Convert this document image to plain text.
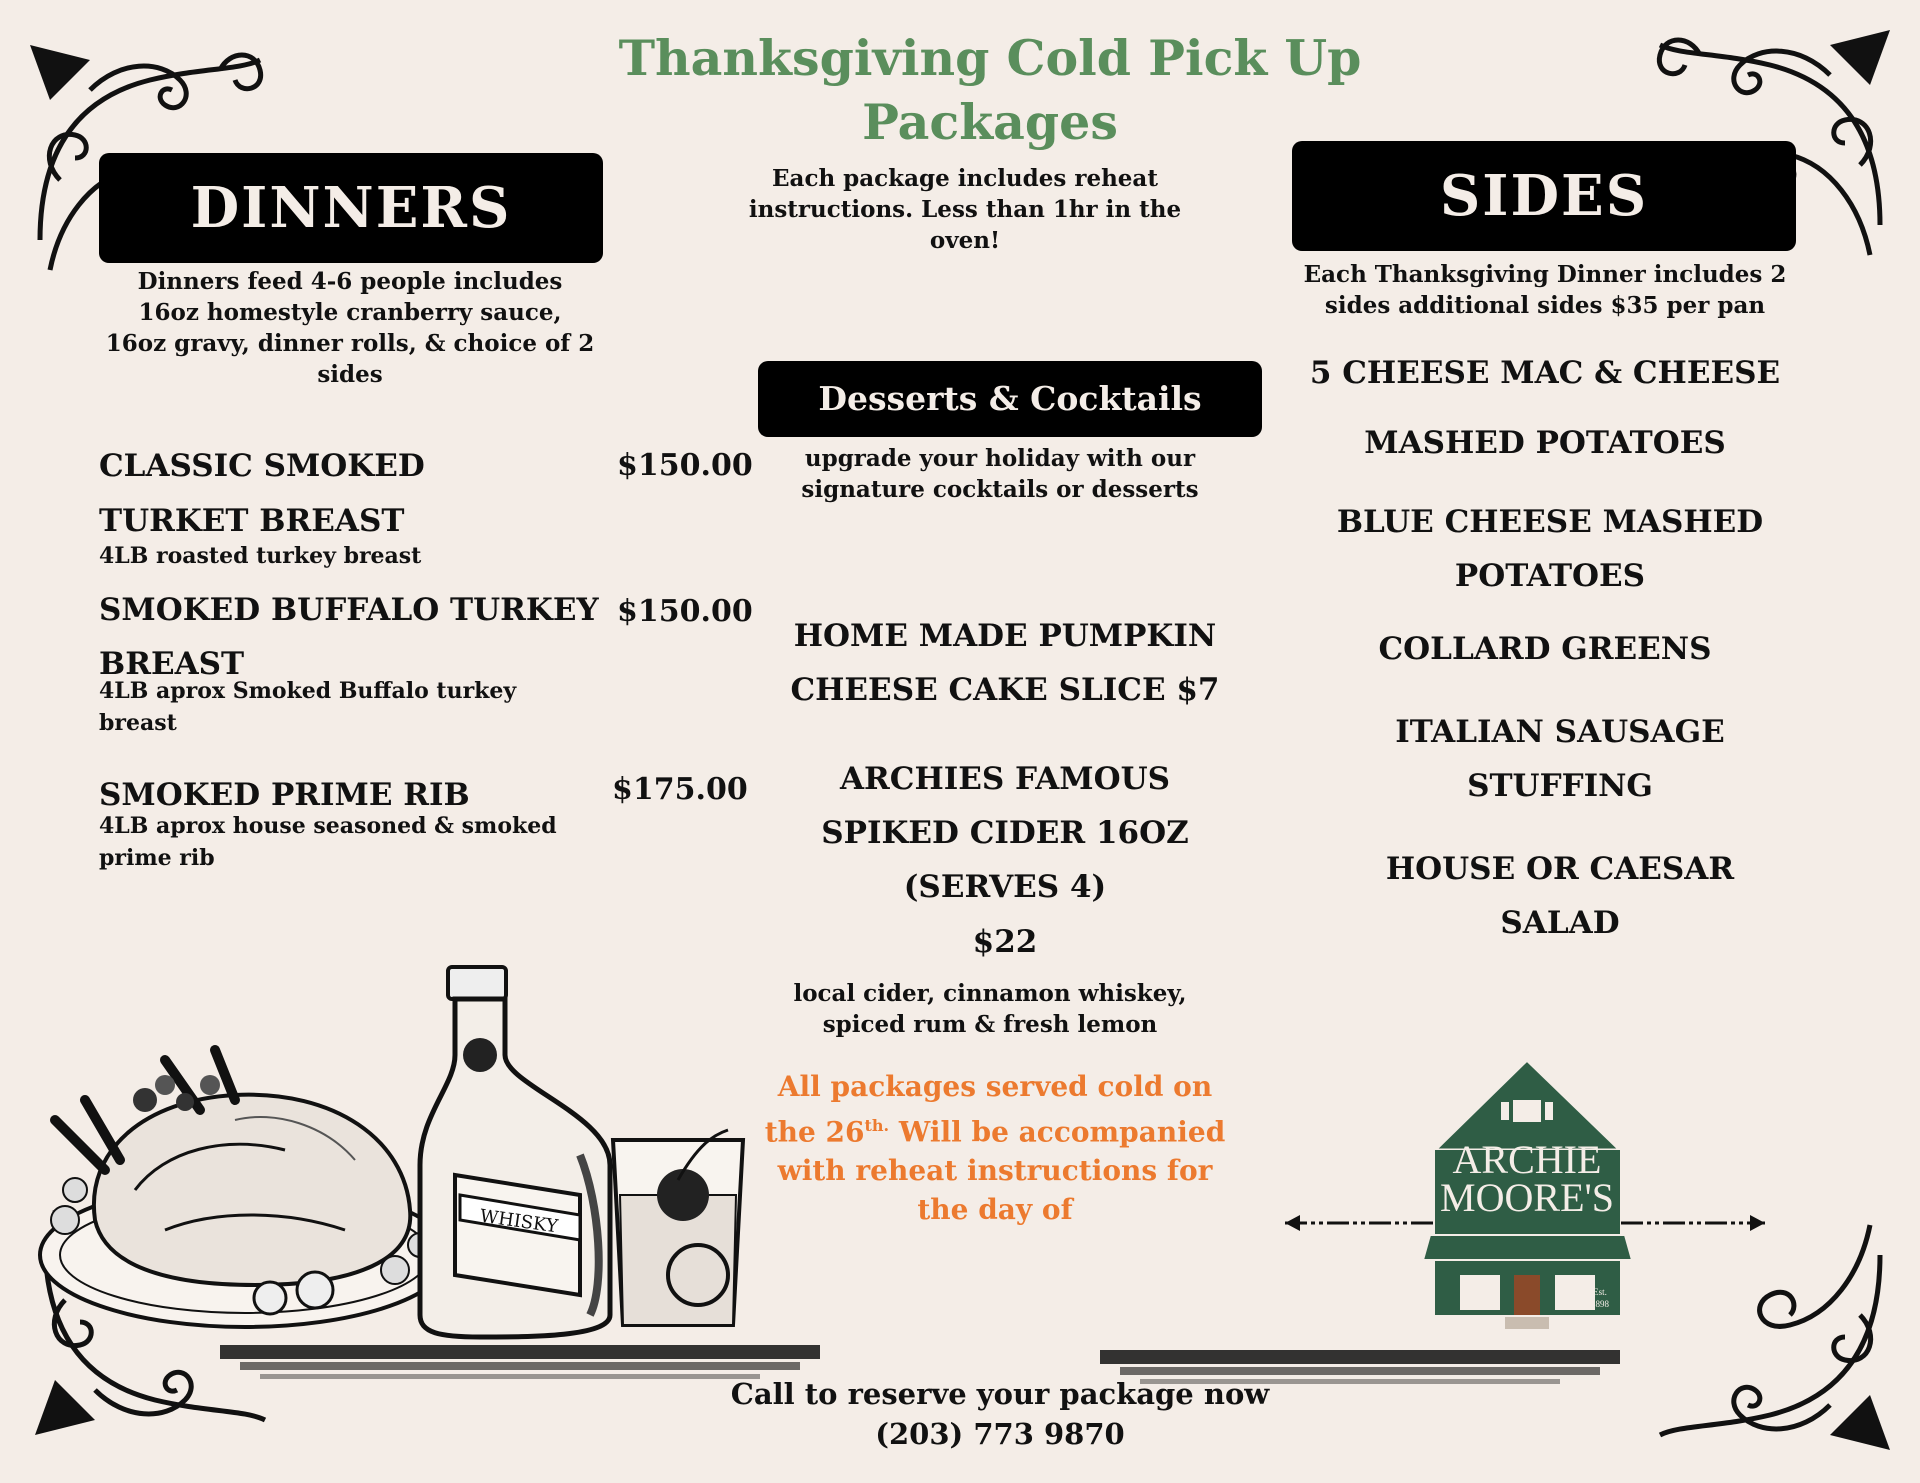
Thanksgiving Cold Pick Up Packages
Each package includes reheat instructions. Less than 1hr in the oven!
DINNERS
Dinners feed 4-6 people includes 16oz homestyle cranberry sauce, 16oz gravy, dinner rolls, & choice of 2 sides
CLASSIC SMOKED
TURKET BREAST
$150.00
4LB roasted turkey breast
SMOKED BUFFALO TURKEY
BREAST
$150.00
4LB aprox Smoked Buffalo turkey breast
SMOKED PRIME RIB	$175.00
4LB aprox house seasoned & smoked prime rib
Desserts & Cocktails
upgrade your holiday with our signature cocktails or desserts
HOME MADE PUMPKIN
CHEESE CAKE SLICE $7
ARCHIES FAMOUS
SPIKED CIDER 16OZ
(SERVES 4)
$22
local cider, cinnamon whiskey, spiced rum & fresh lemon
All packages served cold on the $26^{th.}$ Will be accompanied with reheat instructions for the day of
SIDES
Each Thanksgiving Dinner includes 2 sides additional sides $35 per pan
5 CHEESE MAC & CHEESE
MASHED POTATOES
BLUE CHEESE MASHED POTATOES
COLLARD GREENS
ITALIAN SAUSAGE STUFFING
HOUSE OR CAESAR SALAD
WHISKY
ARCHIE
MOORE'S
Est.
1898
Call to reserve your package now
(203) 773 9870
